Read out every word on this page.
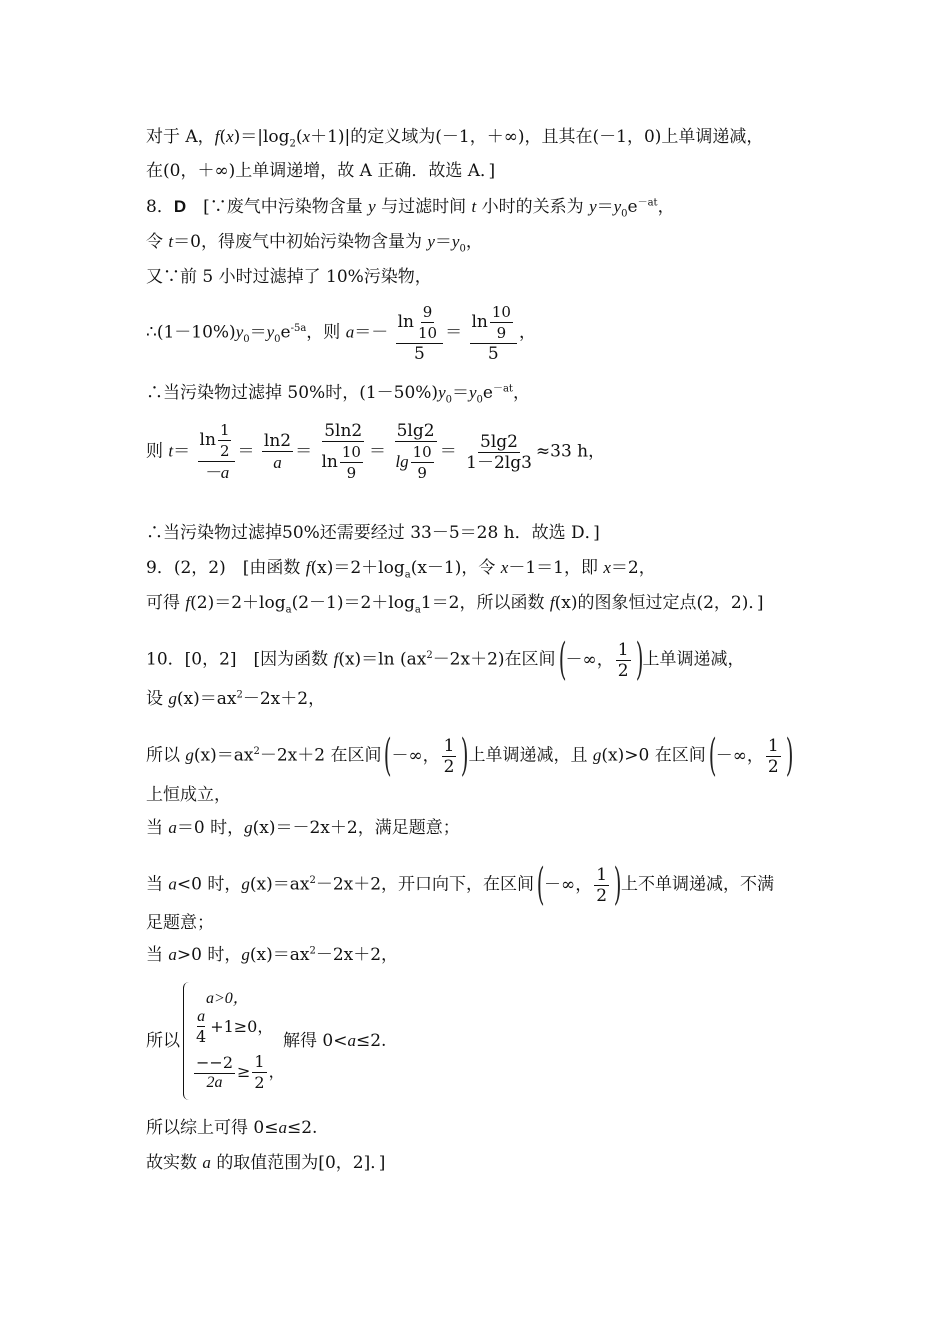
对于 A，$f(x)=|\log_2(x+1)|$的定义域为(－1，＋∞)，且其在(－1，0)上单调递减，
在(0，＋∞)上单调递增，故 A 正确．故选 A．]
8．D　 [∵废气中污染物含量 y 与过滤时间 t 小时的关系为 $y=y_0e^{-at}$，
令 t＝0，得废气中初始污染物含量为 $y=y_0$，
又∵前 5 小时过滤掉了 10%污染物，
$\therefore(1-10\%)y_0=y_0e^{-5a}$，则 $a=- \frac{\ln \frac{9}{10}}{5} = \frac{\ln \frac{10}{9}}{5}$ ，
∴当污染物过滤掉 50%时，$(1-50\%)y_0=y_0e^{-at}$，
则 $t= \frac{\ln \frac{1}{2}}{-a} = \frac{\ln 2}{a} = \frac{5\ln 2}{\ln \frac{10}{9}} = \frac{5\lg 2}{\lg \frac{10}{9}} = \frac{5\lg 2}{1-2\lg 3} \approx 33$ h，
∴当污染物过滤掉50%还需要经过 33－5＝28 h．故选 D．]
9．(2，2)　[由函数 $f(x)=2+\log_a(x-1)$，令 x－1＝1，即 x＝2，
可得 $f(2)=2+\log_a(2-1)=2+\log_a1=2$，所以函数 f(x)的图象恒过定点(2，2)．]
10．[0，2]　[因为函数 f(x)＝ln $(ax^2-2x+2)$在区间 ( －∞，
1
2 ) 上单调递减，
设 $g(x)=ax^2-2x+2$，
所以 $g(x)=ax^2-2x+2$ 在区间 ( －∞，
1
2 ) 上单调递减，且 g(x)>0 在区间 ( －∞，
1
2 )
上恒成立，
当 a＝0 时，g(x)＝－2x＋2，满足题意；
当 a<0 时，$g(x)=ax^2-2x+2$，开口向下，在区间 ( －∞，
1
2 ) 上不单调递减，不满
足题意；
当 a>0 时，$g(x)=ax^2-2x+2$，
所以
a>0，
$\frac{a}{4} +1\ge 0$，
$\frac{--2}{2a} \ge \frac{1}{2}$ ，
解得 0<a≤2.
所以综上可得 0≤a≤2.
故实数 a 的取值范围为[0，2]．]
